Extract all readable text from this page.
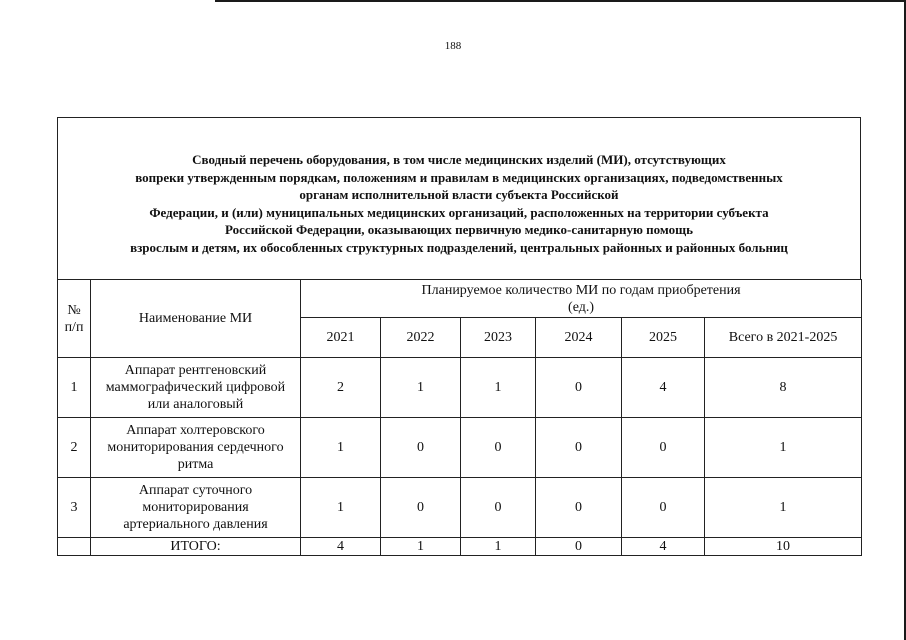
188
Сводный перечень оборудования, в том числе медицинских изделий (МИ), отсутствующих
вопреки утвержденным порядкам, положениям и правилам в медицинских организациях, подведомственных
органам исполнительной власти субъекта Российской
Федерации, и (или) муниципальных медицинских организаций, расположенных на территории субъекта
Российской Федерации, оказывающих первичную медико-санитарную помощь
взрослым и детям, их обособленных структурных подразделений, центральных районных и районных больниц
№
п/п	Наименование МИ	Планируемое количество МИ по годам приобретения
(ед.)					
		2021	2022	2023	2024	2025	Всего в 2021-2025
1	Аппарат рентгеновский
маммографический цифровой
или аналоговый	2	1	1	0	4	8
2	Аппарат холтеровского
мониторирования сердечного
ритма	1	0	0	0	0	1
3	Аппарат суточного
мониторирования
артериального давления	1	0	0	0	0	1
	ИТОГО:	4	1	1	0	4	10
